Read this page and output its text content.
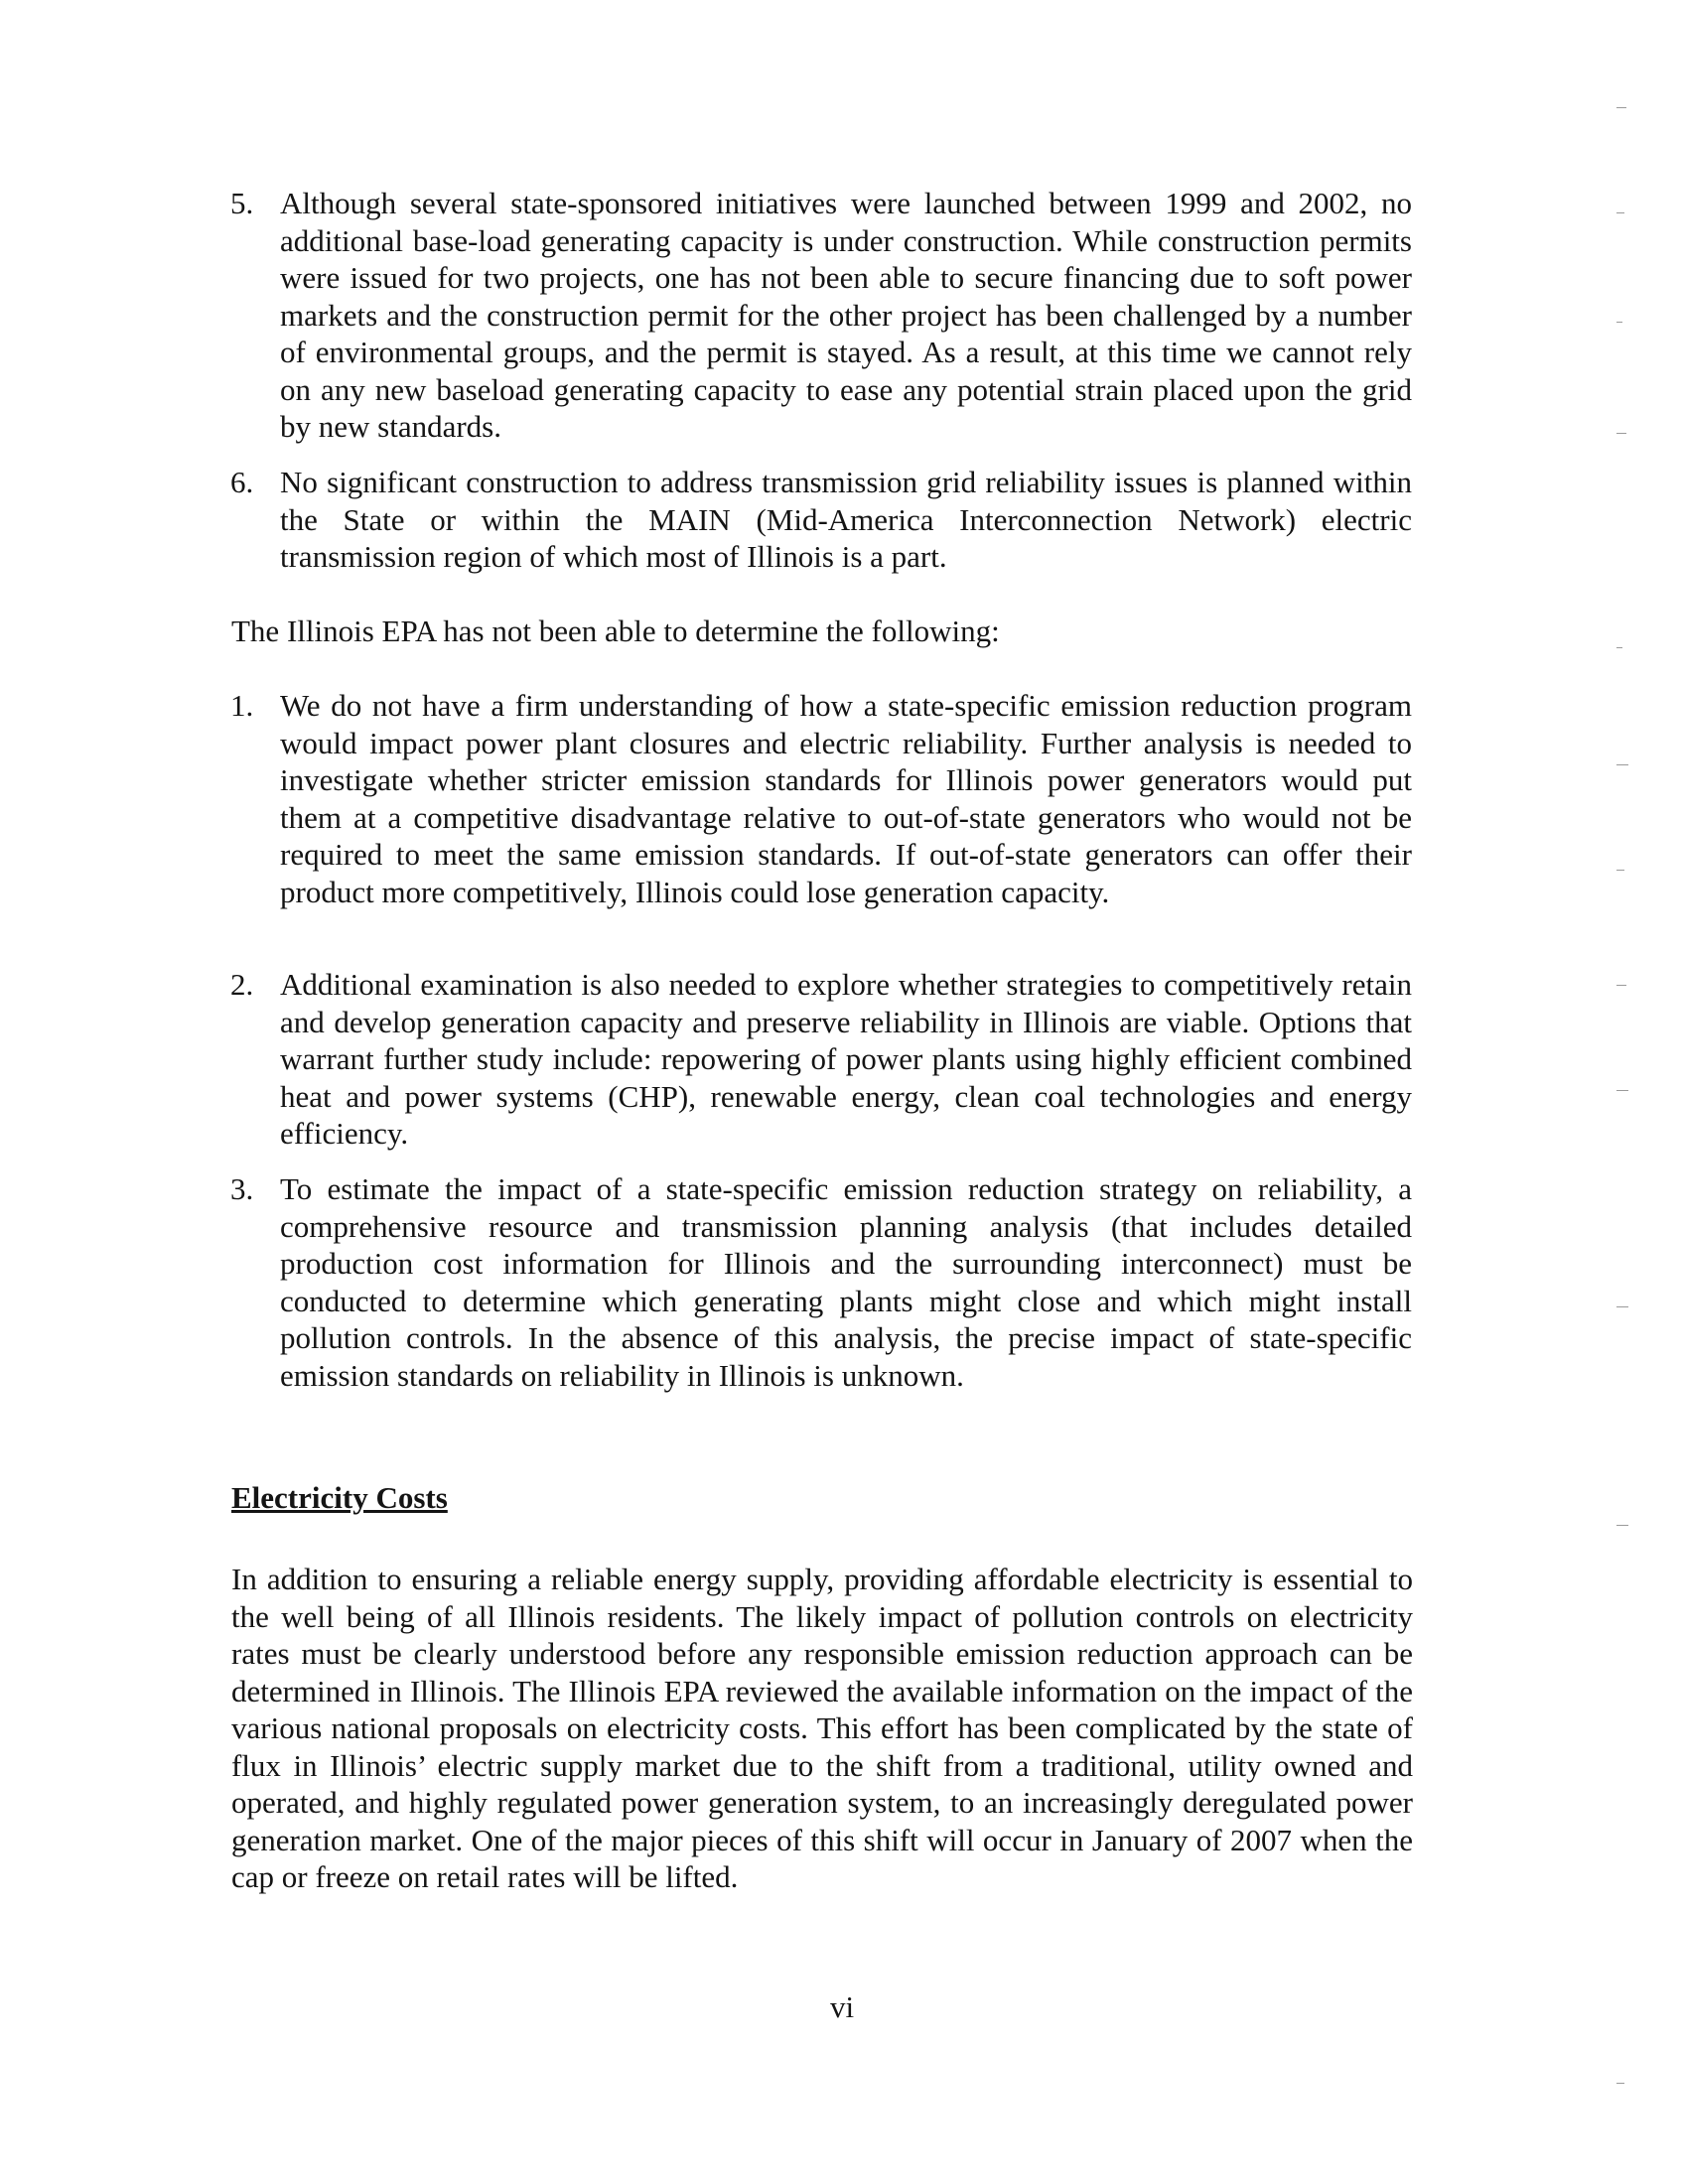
5. Although several state-sponsored initiatives were launched between 1999 and 2002, no additional base-load generating capacity is under construction. While construction permits were issued for two projects, one has not been able to secure financing due to soft power markets and the construction permit for the other project has been challenged by a number of environmental groups, and the permit is stayed. As a result, at this time we cannot rely on any new baseload generating capacity to ease any potential strain placed upon the grid by new standards.
6. No significant construction to address transmission grid reliability issues is planned within the State or within the MAIN (Mid-America Interconnection Network) electric transmission region of which most of Illinois is a part.

The Illinois EPA has not been able to determine the following:

1. We do not have a firm understanding of how a state-specific emission reduction program would impact power plant closures and electric reliability. Further analysis is needed to investigate whether stricter emission standards for Illinois power generators would put them at a competitive disadvantage relative to out-of-state generators who would not be required to meet the same emission standards. If out-of-state generators can offer their product more competitively, Illinois could lose generation capacity.
2. Additional examination is also needed to explore whether strategies to competitively retain and develop generation capacity and preserve reliability in Illinois are viable. Options that warrant further study include: repowering of power plants using highly efficient combined heat and power systems (CHP), renewable energy, clean coal technologies and energy efficiency.
3. To estimate the impact of a state-specific emission reduction strategy on reliability, a comprehensive resource and transmission planning analysis (that includes detailed production cost information for Illinois and the surrounding interconnect) must be conducted to determine which generating plants might close and which might install pollution controls. In the absence of this analysis, the precise impact of state-specific emission standards on reliability in Illinois is unknown.
Electricity Costs

In addition to ensuring a reliable energy supply, providing affordable electricity is essential to the well being of all Illinois residents. The likely impact of pollution controls on electricity rates must be clearly understood before any responsible emission reduction approach can be determined in Illinois. The Illinois EPA reviewed the available information on the impact of the various national proposals on electricity costs. This effort has been complicated by the state of flux in Illinois’ electric supply market due to the shift from a traditional, utility owned and operated, and highly regulated power generation system, to an increasingly deregulated power generation market. One of the major pieces of this shift will occur in January of 2007 when the cap or freeze on retail rates will be lifted.

vi
